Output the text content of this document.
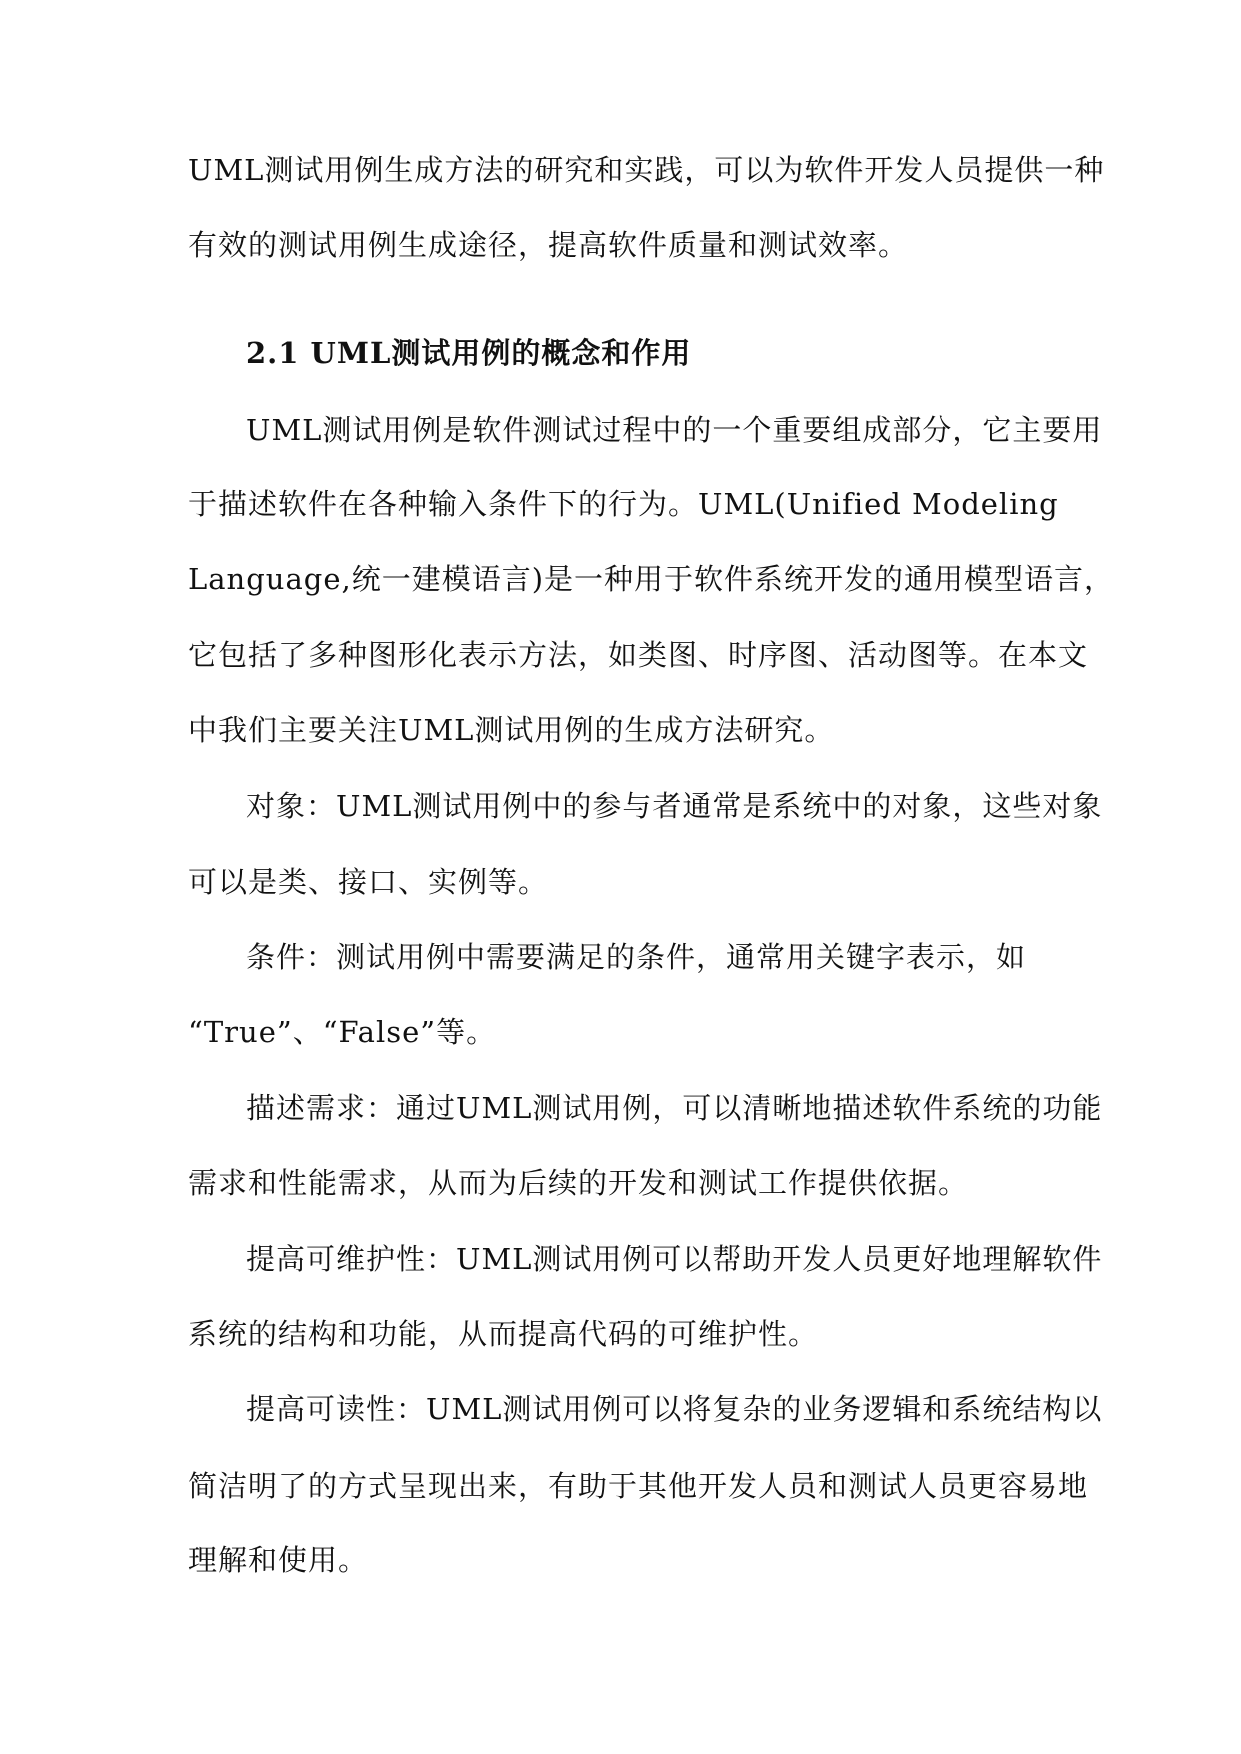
UML测试用例生成方法的研究和实践，可以为软件开发人员提供一种
有效的测试用例生成途径，提高软件质量和测试效率。
2.1 UML测试用例的概念和作用
UML测试用例是软件测试过程中的一个重要组成部分，它主要用
于描述软件在各种输入条件下的行为。UML(Unified Modeling
Language,统一建模语言)是一种用于软件系统开发的通用模型语言，
它包括了多种图形化表示方法，如类图、时序图、活动图等。在本文
中我们主要关注UML测试用例的生成方法研究。
对象：UML测试用例中的参与者通常是系统中的对象，这些对象
可以是类、接口、实例等。
条件：测试用例中需要满足的条件，通常用关键字表示，如
“True”、“False”等。
描述需求：通过UML测试用例，可以清晰地描述软件系统的功能
需求和性能需求，从而为后续的开发和测试工作提供依据。
提高可维护性：UML测试用例可以帮助开发人员更好地理解软件
系统的结构和功能，从而提高代码的可维护性。
提高可读性：UML测试用例可以将复杂的业务逻辑和系统结构以
简洁明了的方式呈现出来，有助于其他开发人员和测试人员更容易地
理解和使用。
